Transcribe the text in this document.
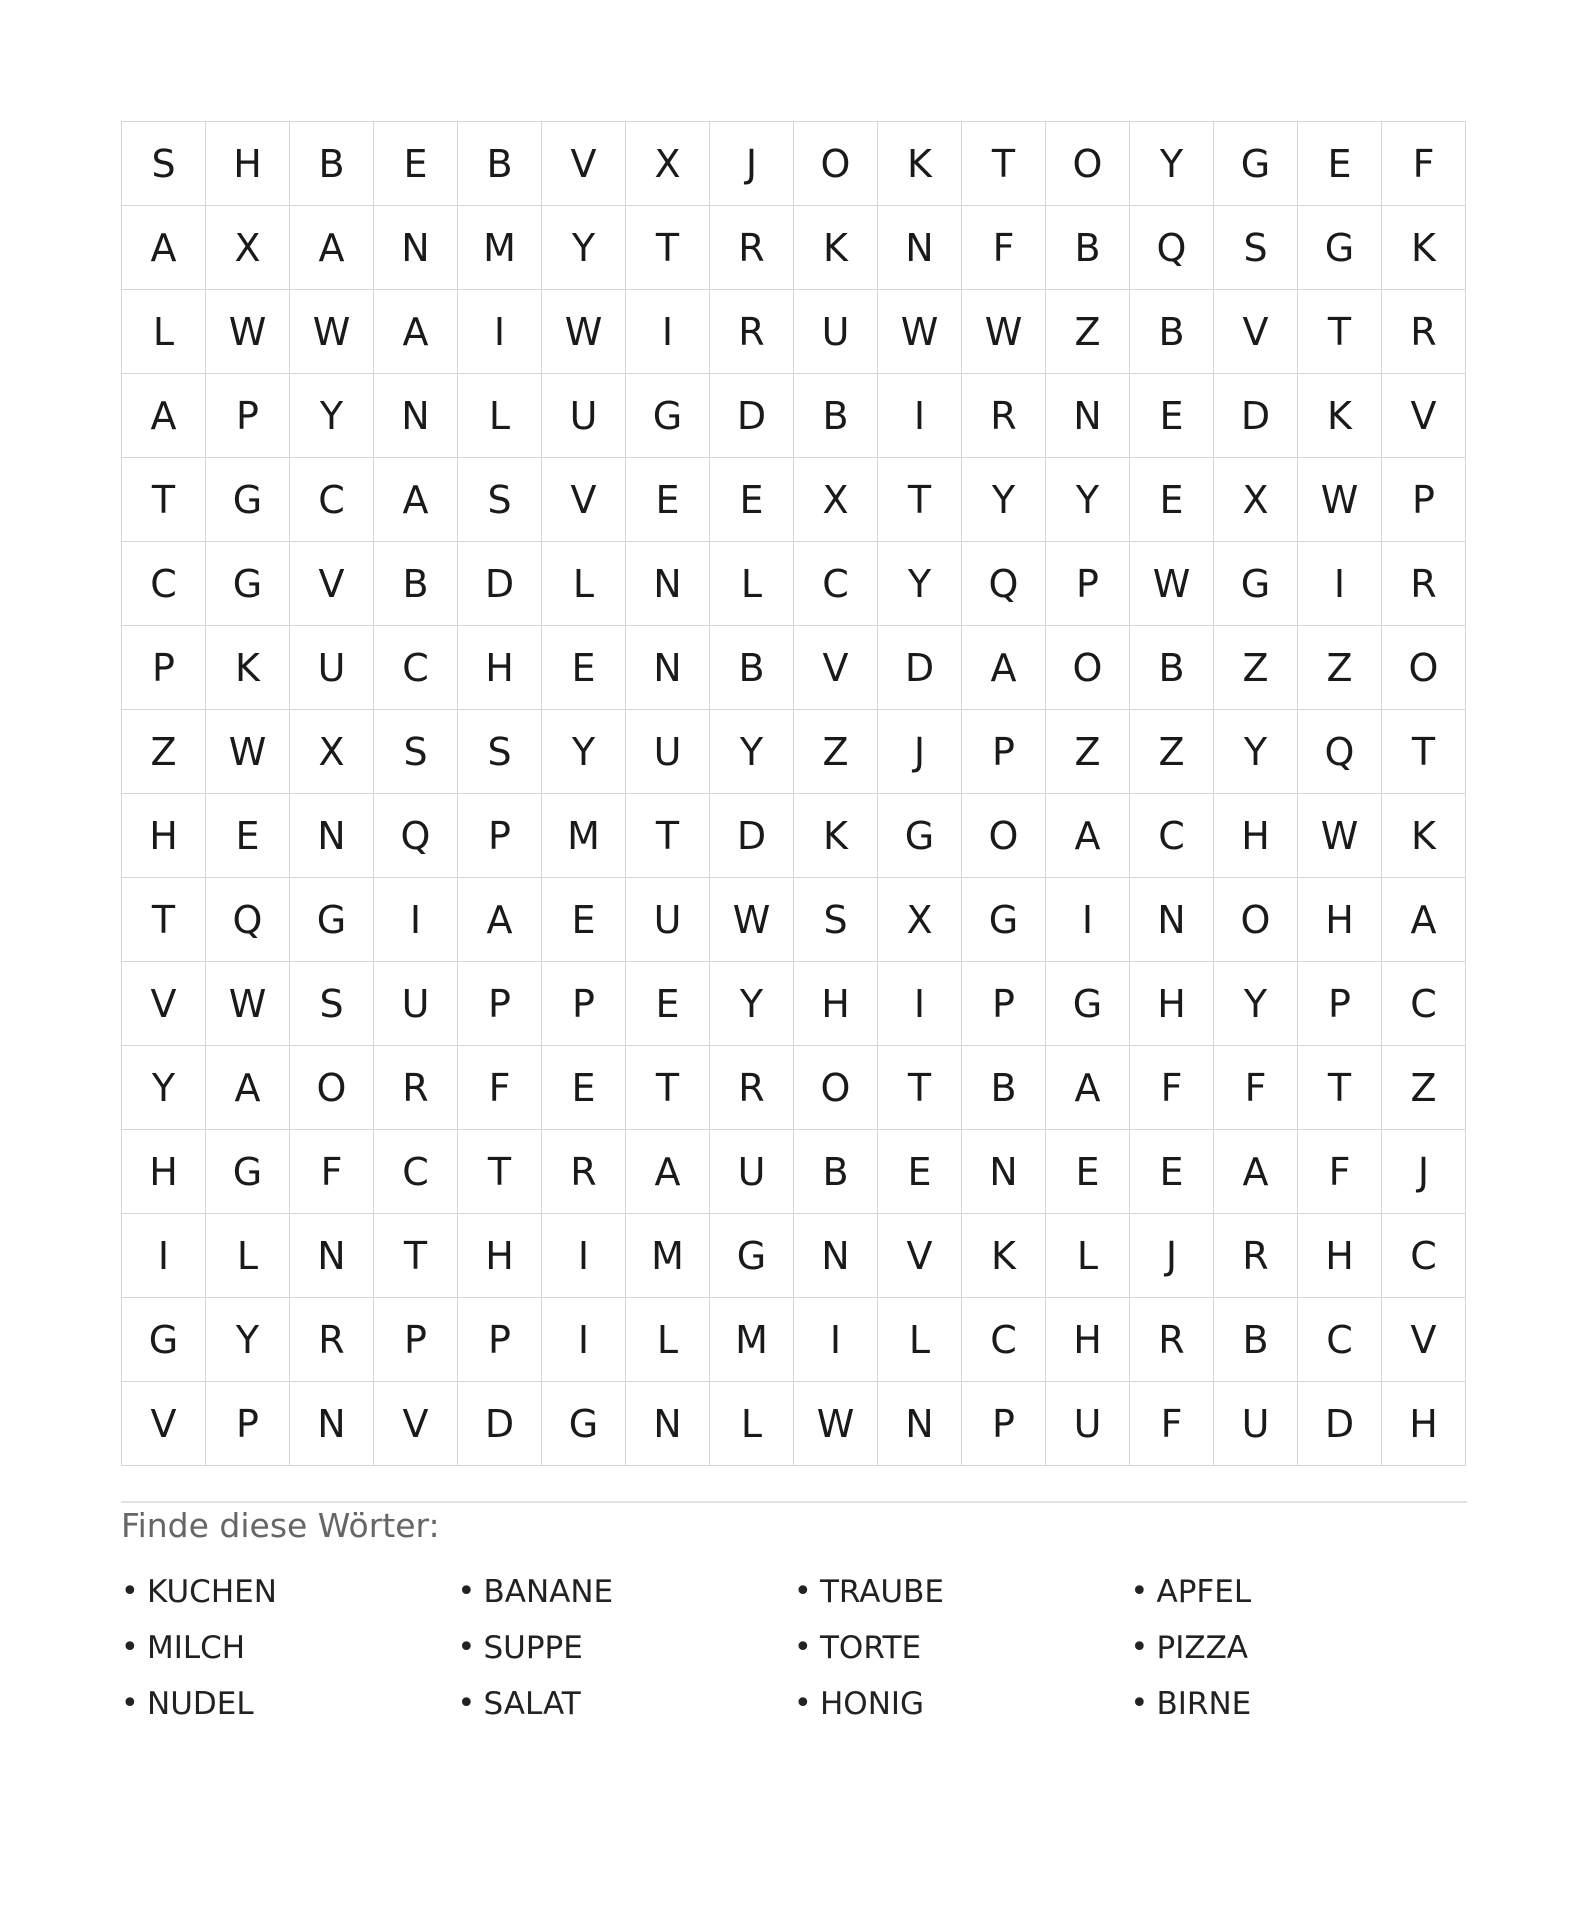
S	H	B	E	B	V	X	J	O	K	T	O	Y	G	E	F
A	X	A	N	M	Y	T	R	K	N	F	B	Q	S	G	K
L	W	W	A	I	W	I	R	U	W	W	Z	B	V	T	R
A	P	Y	N	L	U	G	D	B	I	R	N	E	D	K	V
T	G	C	A	S	V	E	E	X	T	Y	Y	E	X	W	P
C	G	V	B	D	L	N	L	C	Y	Q	P	W	G	I	R
P	K	U	C	H	E	N	B	V	D	A	O	B	Z	Z	O
Z	W	X	S	S	Y	U	Y	Z	J	P	Z	Z	Y	Q	T
H	E	N	Q	P	M	T	D	K	G	O	A	C	H	W	K
T	Q	G	I	A	E	U	W	S	X	G	I	N	O	H	A
V	W	S	U	P	P	E	Y	H	I	P	G	H	Y	P	C
Y	A	O	R	F	E	T	R	O	T	B	A	F	F	T	Z
H	G	F	C	T	R	A	U	B	E	N	E	E	A	F	J
I	L	N	T	H	I	M	G	N	V	K	L	J	R	H	C
G	Y	R	P	P	I	L	M	I	L	C	H	R	B	C	V
V	P	N	V	D	G	N	L	W	N	P	U	F	U	D	H
Finde diese Wörter:
• KUCHEN	• BANANE	• TRAUBE	• APFEL
• MILCH	• SUPPE	• TORTE	• PIZZA
• NUDEL	• SALAT	• HONIG	• BIRNE
